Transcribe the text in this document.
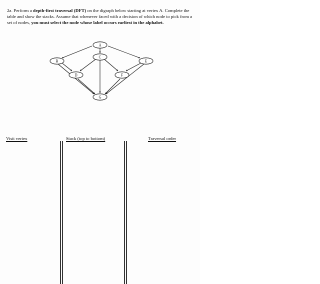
2a. Perform a depth-first traversal (DFT) on the digraph below starting at vertex A. Complete the table and show the stacks. Assume that whenever faced with a decision of which node to pick from a set of nodes, you must select the node whose label occurs earliest in the alphabet.

A
B
C
D
E
F
G
Visit vertex	Stack (top to bottom)	Traversal order
